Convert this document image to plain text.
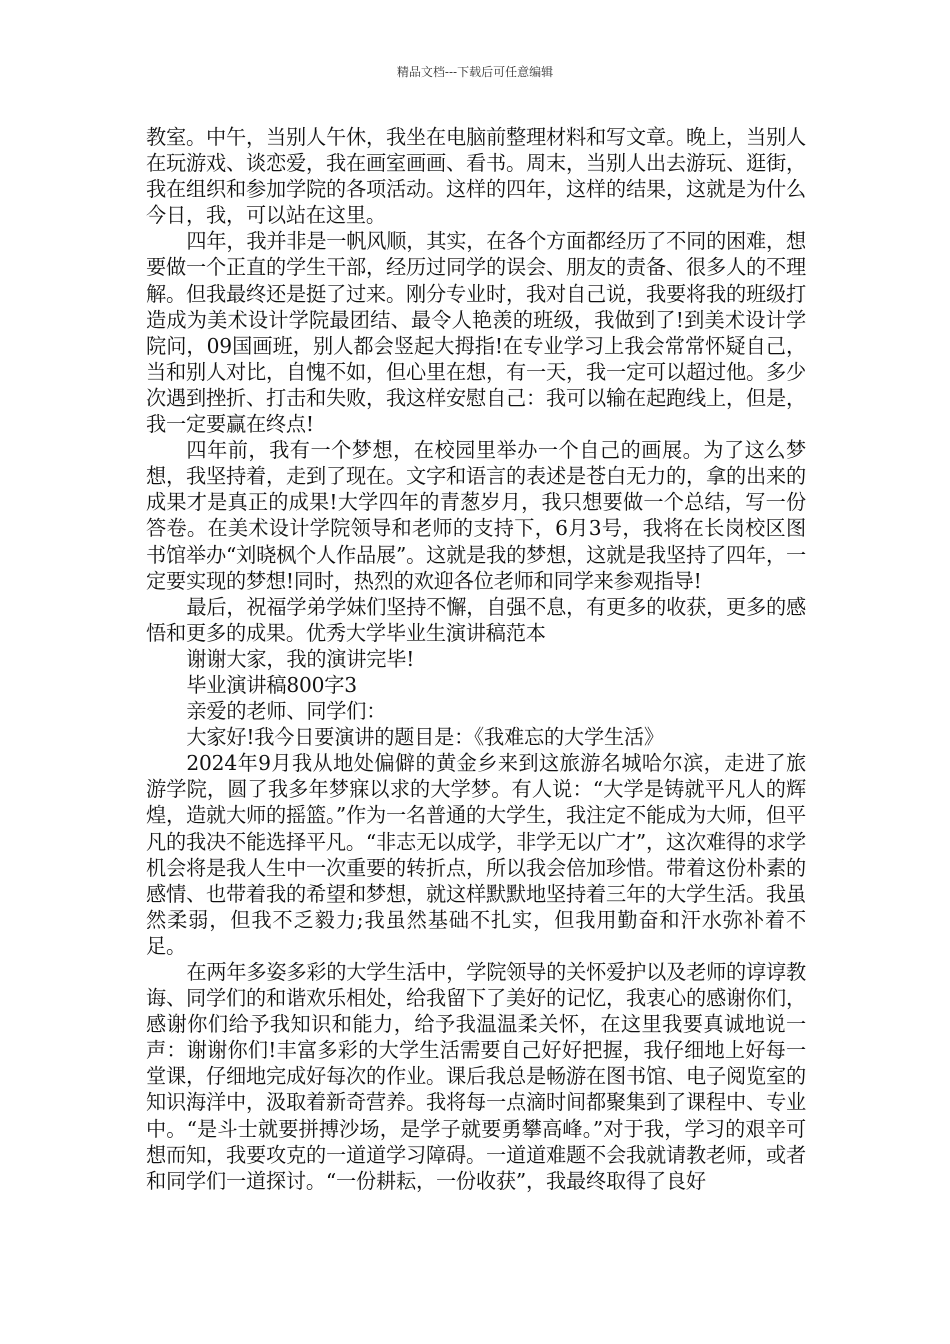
精品文档---下载后可任意编辑

教室。中午，当别人午休，我坐在电脑前整理材料和写文章。晚上，当别人在玩游戏、谈恋爱，我在画室画画、看书。周末，当别人出去游玩、逛街，我在组织和参加学院的各项活动。这样的四年，这样的结果，这就是为什么今日，我，可以站在这里。

四年，我并非是一帆风顺，其实，在各个方面都经历了不同的困难，想要做一个正直的学生干部，经历过同学的误会、朋友的责备、很多人的不理解。但我最终还是挺了过来。刚分专业时，我对自己说，我要将我的班级打造成为美术设计学院最团结、最令人艳羡的班级，我做到了!到美术设计学院问，09国画班，别人都会竖起大拇指!在专业学习上我会常常怀疑自己，当和别人对比，自愧不如，但心里在想，有一天，我一定可以超过他。多少次遇到挫折、打击和失败，我这样安慰自己：我可以输在起跑线上，但是，我一定要赢在终点!

四年前，我有一个梦想，在校园里举办一个自己的画展。为了这么梦想，我坚持着，走到了现在。文字和语言的表述是苍白无力的，拿的出来的成果才是真正的成果!大学四年的青葱岁月，我只想要做一个总结，写一份答卷。在美术设计学院领导和老师的支持下，6月3号，我将在长岗校区图书馆举办“刘晓枫个人作品展”。这就是我的梦想，这就是我坚持了四年，一定要实现的梦想!同时，热烈的欢迎各位老师和同学来参观指导!

最后，祝福学弟学妹们坚持不懈，自强不息，有更多的收获，更多的感悟和更多的成果。优秀大学毕业生演讲稿范本

谢谢大家，我的演讲完毕!

毕业演讲稿800字3

亲爱的老师、同学们：

大家好!我今日要演讲的题目是：《我难忘的大学生活》

2024年9月我从地处偏僻的黄金乡来到这旅游名城哈尔滨，走进了旅游学院，圆了我多年梦寐以求的大学梦。有人说：“大学是铸就平凡人的辉煌，造就大师的摇篮。”作为一名普通的大学生，我注定不能成为大师，但平凡的我决不能选择平凡。“非志无以成学，非学无以广才”，这次难得的求学机会将是我人生中一次重要的转折点，所以我会倍加珍惜。带着这份朴素的感情、也带着我的希望和梦想，就这样默默地坚持着三年的大学生活。我虽然柔弱，但我不乏毅力;我虽然基础不扎实，但我用勤奋和汗水弥补着不足。

在两年多姿多彩的大学生活中，学院领导的关怀爱护以及老师的谆谆教诲、同学们的和谐欢乐相处，给我留下了美好的记忆，我衷心的感谢你们，感谢你们给予我知识和能力，给予我温温柔关怀，在这里我要真诚地说一声：谢谢你们!丰富多彩的大学生活需要自己好好把握，我仔细地上好每一堂课，仔细地完成好每次的作业。课后我总是畅游在图书馆、电子阅览室的知识海洋中，汲取着新奇营养。我将每一点滴时间都聚集到了课程中、专业中。“是斗士就要拼搏沙场，是学子就要勇攀高峰。”对于我，学习的艰辛可想而知，我要攻克的一道道学习障碍。一道道难题不会我就请教老师，或者和同学们一道探讨。“一份耕耘，一份收获”，我最终取得了良好
